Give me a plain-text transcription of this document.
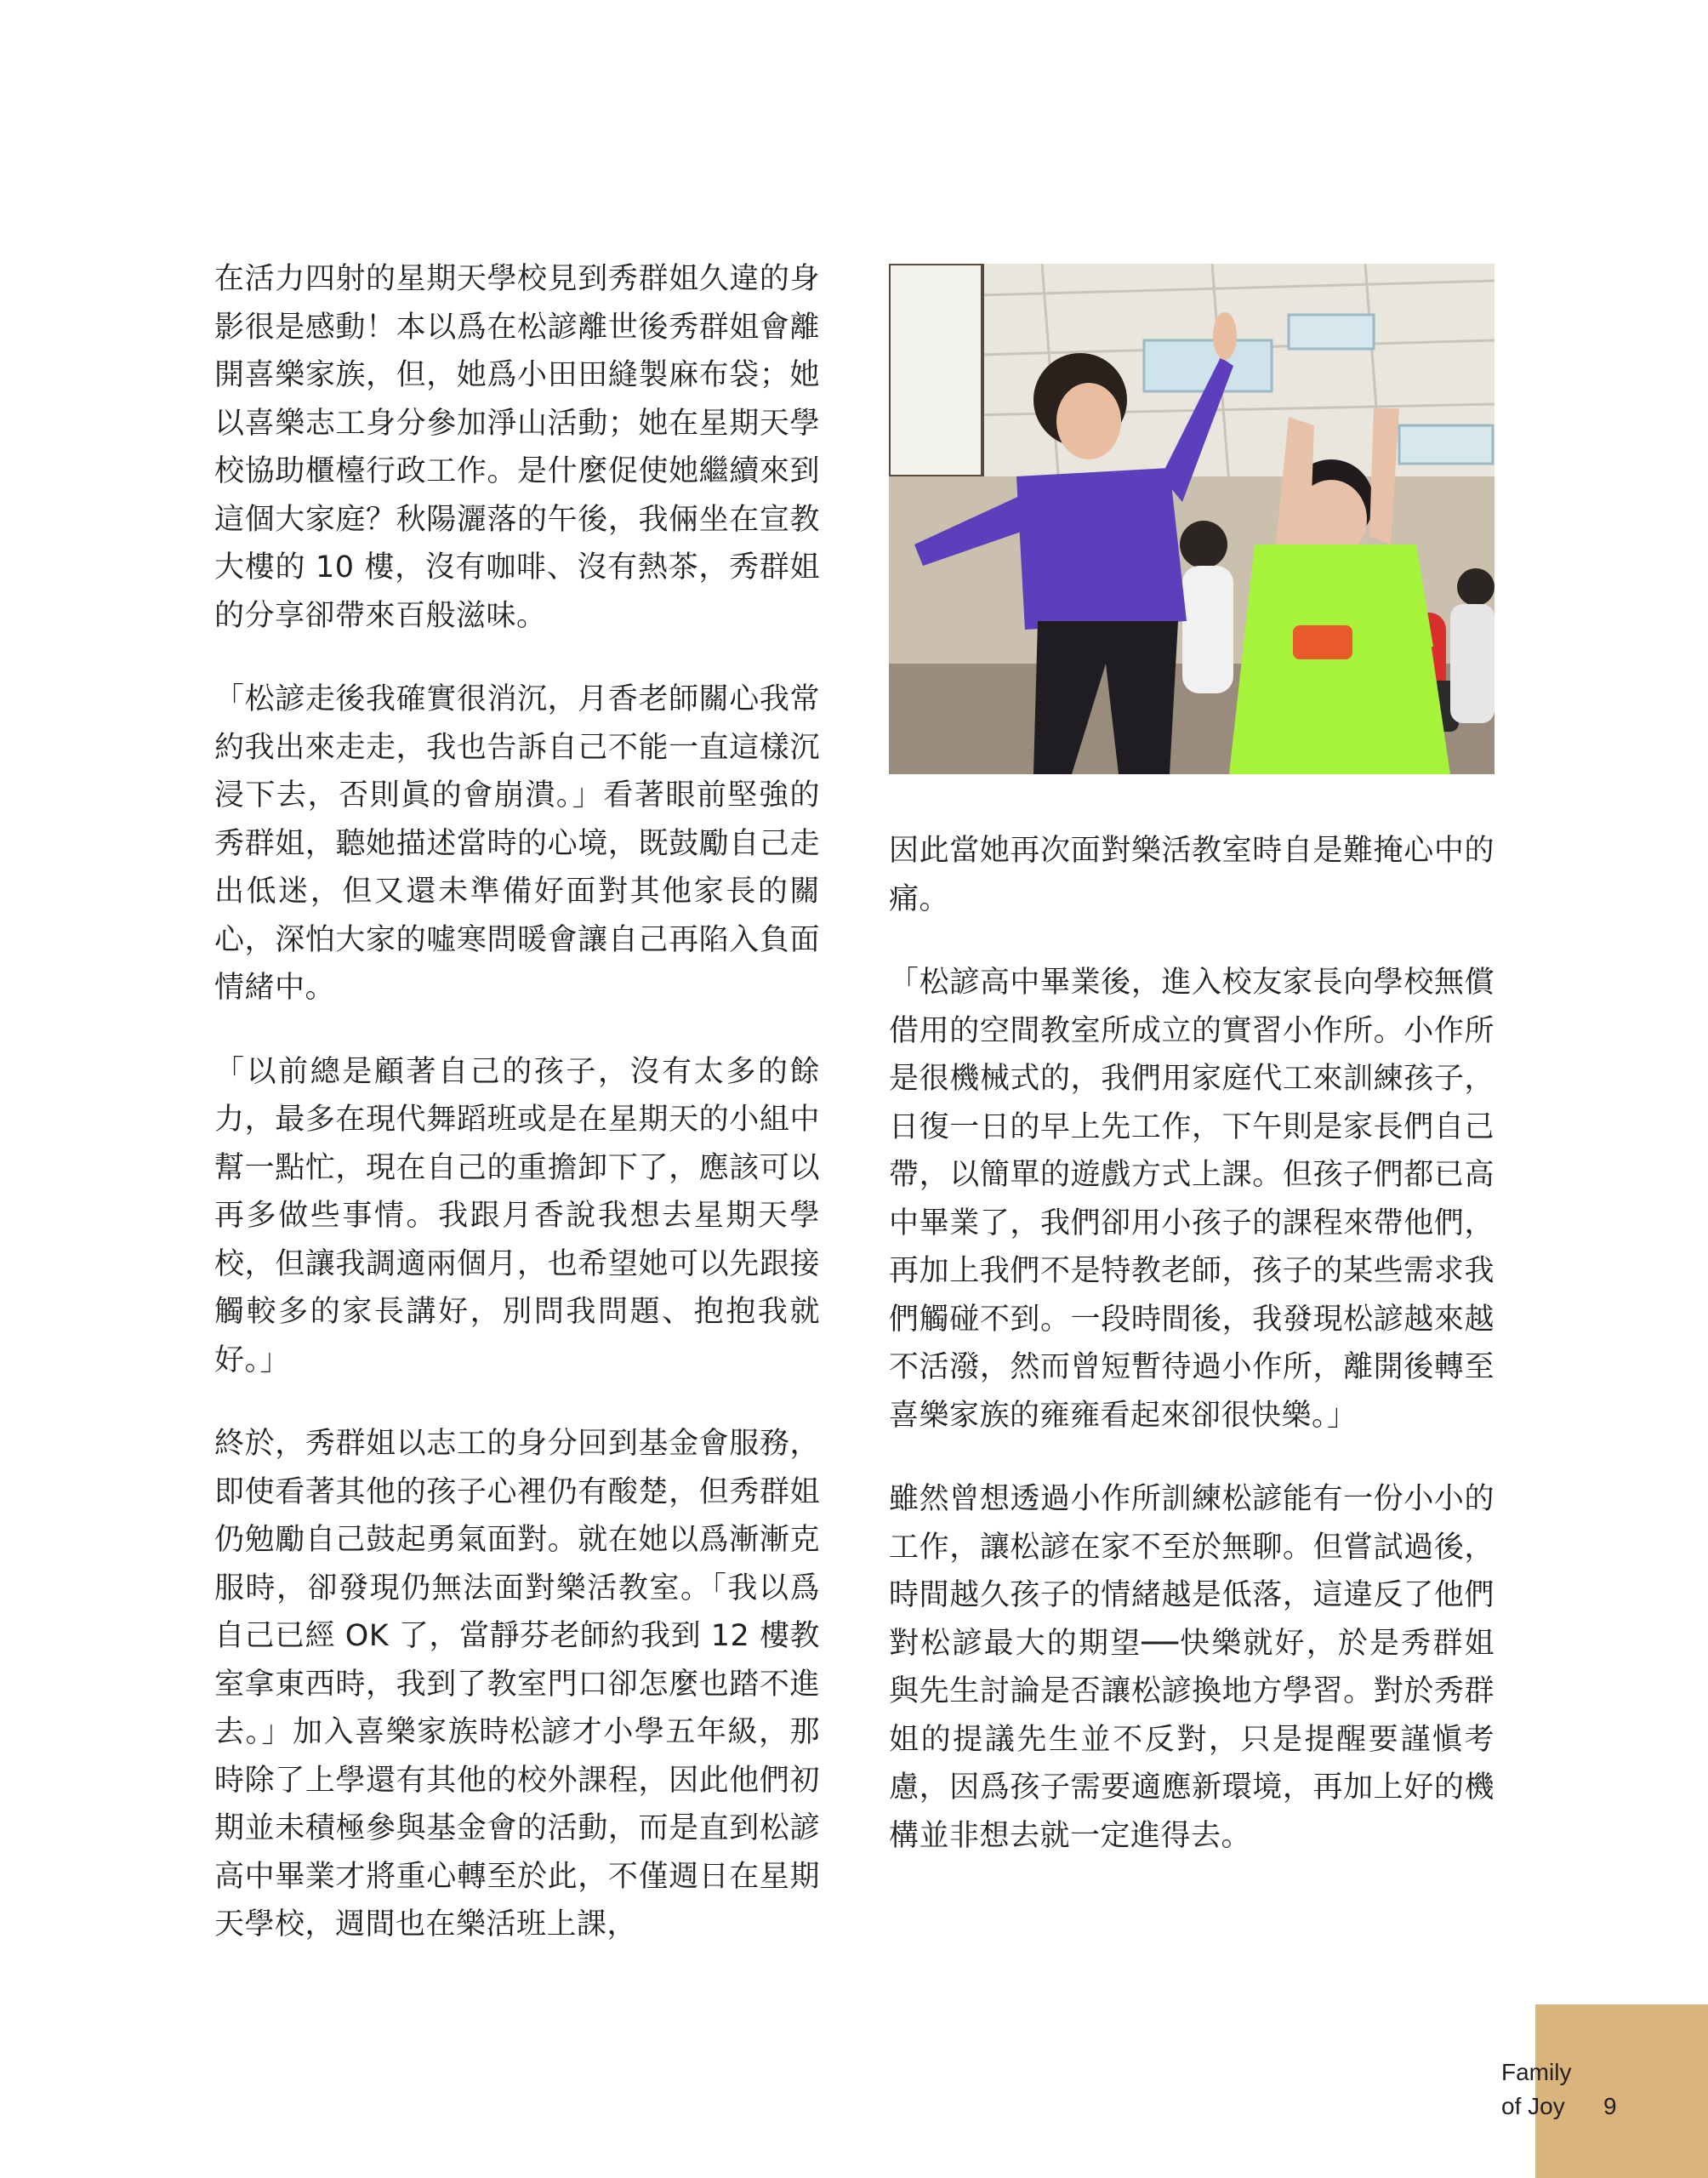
在活力四射的星期天學校見到秀群姐久違的身影很是感動！本以爲在松諺離世後秀群姐會離開喜樂家族，但，她爲小田田縫製麻布袋；她以喜樂志工身分參加淨山活動；她在星期天學校協助櫃檯行政工作。是什麼促使她繼續來到這個大家庭？秋陽灑落的午後，我倆坐在宣教大樓的 10 樓，沒有咖啡、沒有熱茶，秀群姐的分享卻帶來百般滋味。

「松諺走後我確實很消沉，月香老師關心我常約我出來走走，我也告訴自己不能一直這樣沉浸下去，否則眞的會崩潰。」看著眼前堅強的秀群姐，聽她描述當時的心境，既鼓勵自己走出低迷，但又還未準備好面對其他家長的關心，深怕大家的噓寒問暖會讓自己再陷入負面情緒中。

「以前總是顧著自己的孩子，沒有太多的餘力，最多在現代舞蹈班或是在星期天的小組中幫一點忙，現在自己的重擔卸下了，應該可以再多做些事情。我跟月香說我想去星期天學校，但讓我調適兩個月，也希望她可以先跟接觸較多的家長講好，別問我問題、抱抱我就好。」

終於，秀群姐以志工的身分回到基金會服務，即使看著其他的孩子心裡仍有酸楚，但秀群姐仍勉勵自己鼓起勇氣面對。就在她以爲漸漸克服時，卻發現仍無法面對樂活教室。「我以爲自己已經 OK 了，當靜芬老師約我到 12 樓教室拿東西時，我到了教室門口卻怎麼也踏不進去。」加入喜樂家族時松諺才小學五年級，那時除了上學還有其他的校外課程，因此他們初期並未積極參與基金會的活動，而是直到松諺高中畢業才將重心轉至於此，不僅週日在星期天學校，週間也在樂活班上課，

因此當她再次面對樂活教室時自是難掩心中的痛。

「松諺高中畢業後，進入校友家長向學校無償借用的空間教室所成立的實習小作所。小作所是很機械式的，我們用家庭代工來訓練孩子，日復一日的早上先工作，下午則是家長們自己帶，以簡單的遊戲方式上課。但孩子們都已高中畢業了，我們卻用小孩子的課程來帶他們，再加上我們不是特教老師，孩子的某些需求我們觸碰不到。一段時間後，我發現松諺越來越不活潑，然而曾短暫待過小作所，離開後轉至喜樂家族的雍雍看起來卻很快樂。」

雖然曾想透過小作所訓練松諺能有一份小小的工作，讓松諺在家不至於無聊。但嘗試過後，時間越久孩子的情緒越是低落，這違反了他們對松諺最大的期望──快樂就好，於是秀群姐與先生討論是否讓松諺換地方學習。對於秀群姐的提議先生並不反對，只是提醒要謹愼考慮，因爲孩子需要適應新環境，再加上好的機構並非想去就一定進得去。

Family
of Joy 9
